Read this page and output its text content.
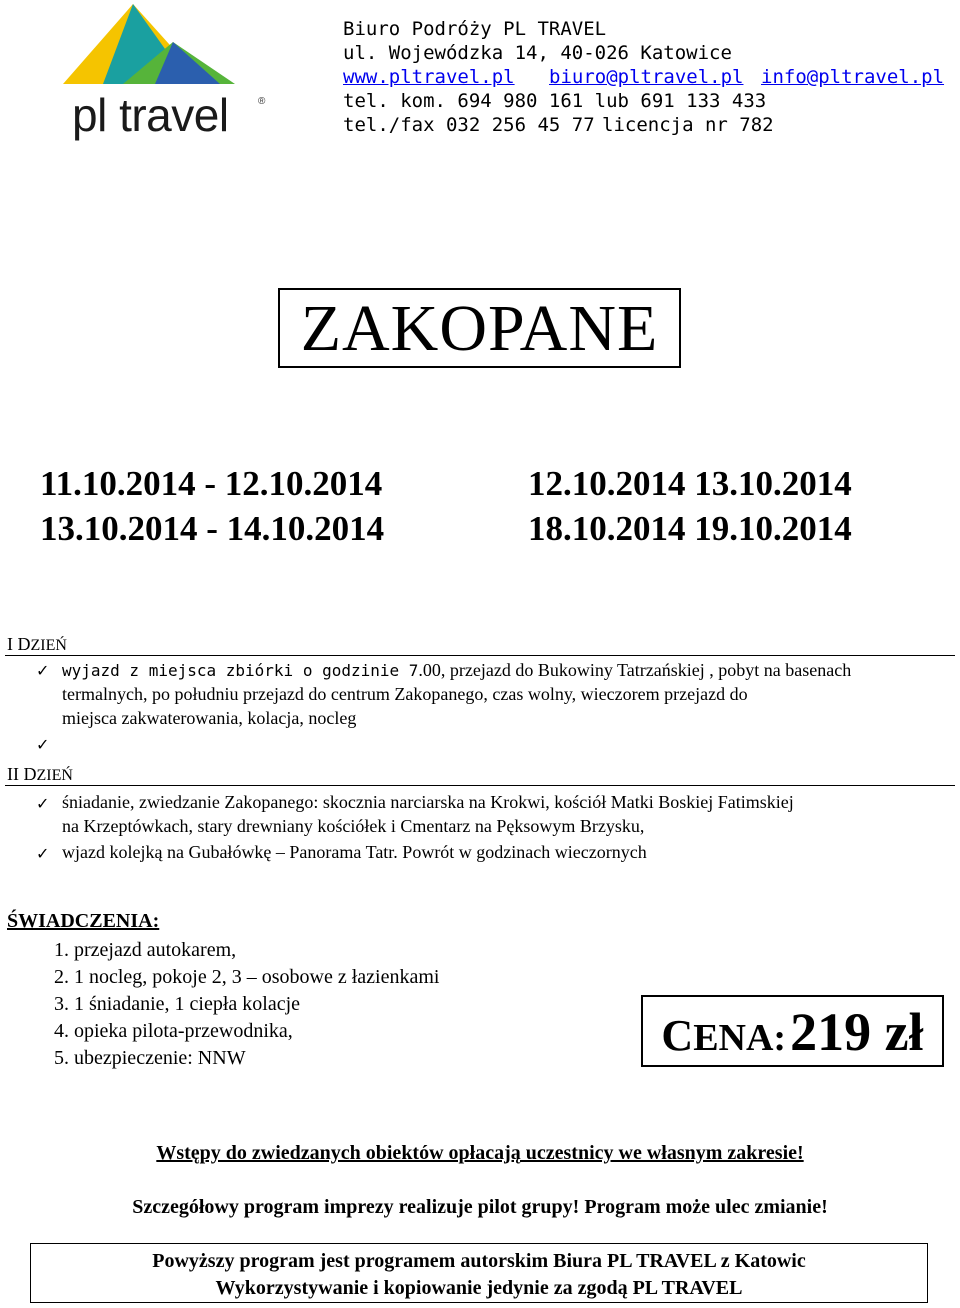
pl travel	®
Biuro Podróży PL TRAVEL
ul. Wojewódzka 14, 40-026 Katowice
www.pltravel.pl biuro@pltravel.pl info@pltravel.pl
tel. kom. 694 980 161 lub 691 133 433
tel./fax 032 256 45 77 licencja nr 782
ZAKOPANE
11.10.2014 - 12.10.2014
13.10.2014 - 14.10.2014
12.10.2014 13.10.2014
18.10.2014 19.10.2014
I DZIEŃ
✓ wyjazd z miejsca zbiórki o godzinie 7.00, przejazd do Bukowiny Tatrzańskiej , pobyt na basenach
termalnych, po południu przejazd do centrum Zakopanego, czas wolny, wieczorem przejazd do
miejsca zakwaterowania, kolacja, nocleg
✓
II DZIEŃ
✓ śniadanie, zwiedzanie Zakopanego: skocznia narciarska na Krokwi, kościół Matki Boskiej Fatimskiej
na Krzeptówkach, stary drewniany kościółek i Cmentarz na Pęksowym Brzysku,
✓ wjazd kolejką na Gubałówkę – Panorama Tatr. Powrót w godzinach wieczornych
ŚWIADCZENIA:
1. przejazd autokarem,
2. 1 nocleg, pokoje 2, 3 – osobowe z łazienkami
3. 1 śniadanie, 1 ciepła kolacje
4. opieka pilota-przewodnika,
5. ubezpieczenie: NNW	CENA: 219 zł
Wstępy do zwiedzanych obiektów opłacają uczestnicy we własnym zakresie!
Szczegółowy program imprezy realizuje pilot grupy! Program może ulec zmianie!
Powyższy program jest programem autorskim Biura PL TRAVEL z Katowic
Wykorzystywanie i kopiowanie jedynie za zgodą PL TRAVEL
